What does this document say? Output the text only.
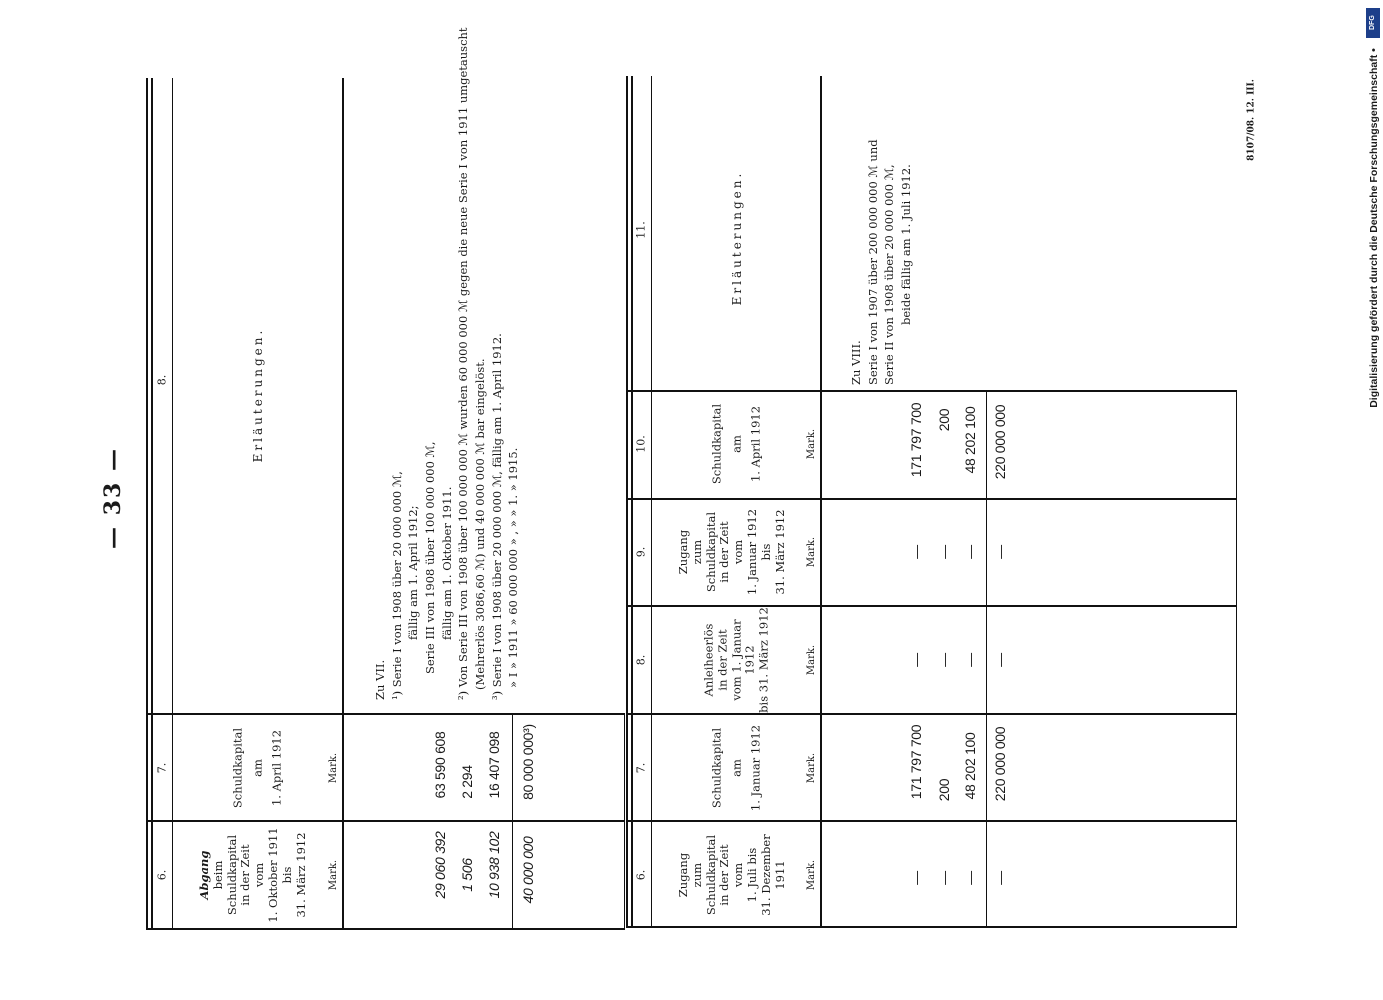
— 33 —
Digitalisierung gefördert durch die Deutsche Forschungsgemeinschaft •
DFG
8107/08. 12. III.
6.
7.
8.
Abgang beim Schuldkapital in der Zeit vom 1. Oktober 1911 bis 31. März 1912
Schuldkapital am 1. April 1912
Erläuterungen.
Mark.
Mark.
29 060 392
63 590 608
1 506
2 294
10 938 102
16 407 098
40 000 000
80 000 000³)
Zu VII. ¹) Serie I von 1908 über 20 000 000 ℳ, fällig am 1. April 1912; Serie III von 1908 über 100 000 000 ℳ, fällig am 1. Oktober 1911. ²) Von Serie III von 1908 über 100 000 000 ℳ wurden 60 000 000 ℳ gegen die neue Serie I von 1911 umgetauscht (Mehrerlös 3086,60 ℳ) und 40 000 000 ℳ bar eingelöst. ³) Serie I von 1908 über 20 000 000 ℳ, fällig am 1. April 1912. » I » 1911 » 60 000 000 » , » » 1. » 1915.
6.
7.
8.
9.
10.
11.
Zugang zum Schuldkapital in der Zeit vom 1. Juli bis 31. Dezember 1911
Schuldkapital am 1. Januar 1912
Anleiheerlös in der Zeit vom 1. Januar 1912 bis 31. März 1912
Zugang zum Schuldkapital in der Zeit vom 1. Januar 1912 bis 31. März 1912
Schuldkapital am 1. April 1912
Erläuterungen.
Mark.
Mark.
Mark.
Mark.
Mark.
—
171 797 700
—
—
171 797 700
—
200
—
—
200
—
48 202 100
—
—
48 202 100
—
220 000 000
—
—
220 000 000
Zu VIII. Serie I von 1907 über 200 000 000 ℳ und Serie II von 1908 über 20 000 000 ℳ, beide fällig am 1. Juli 1912.
